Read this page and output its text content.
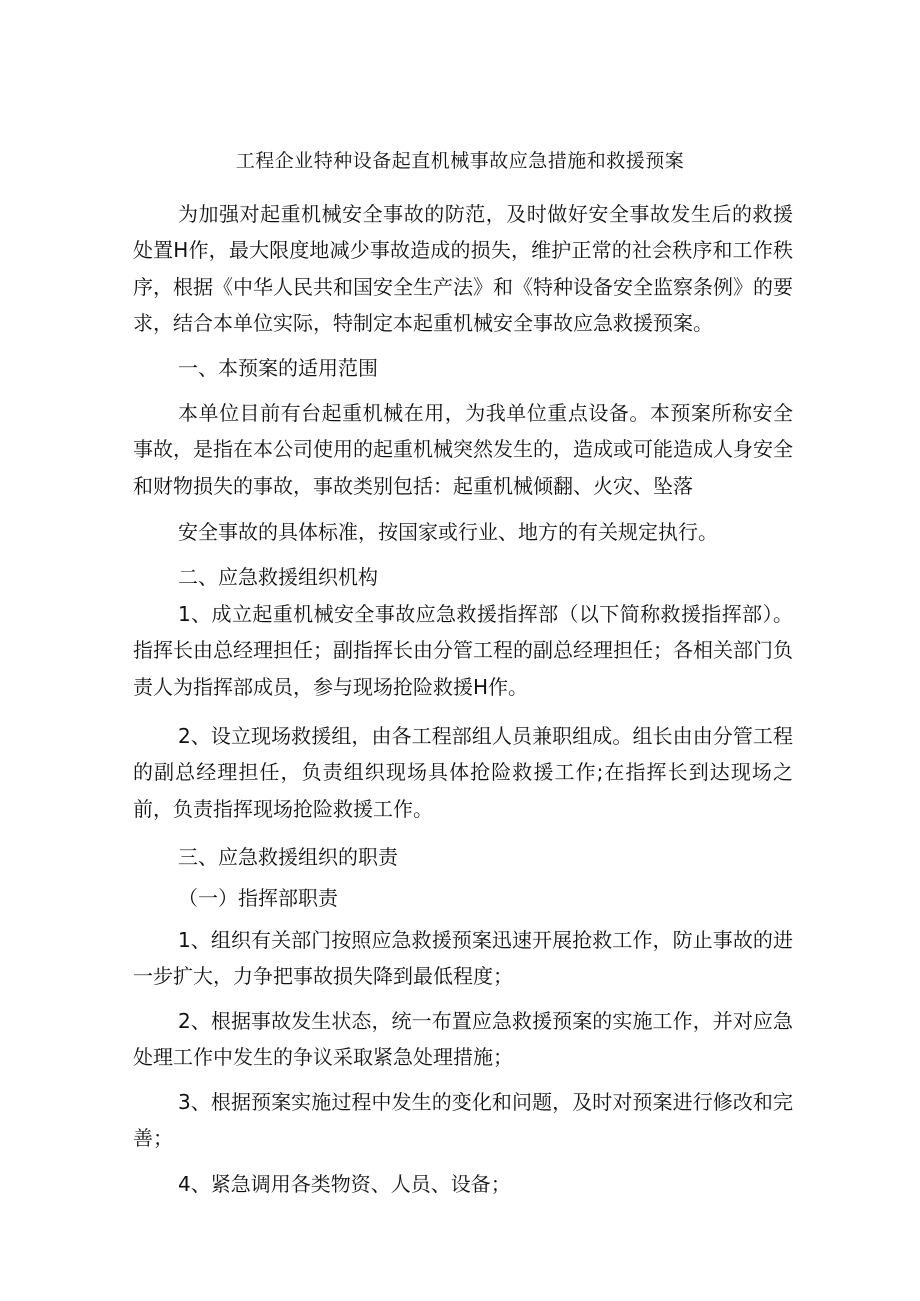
工程企业特种设备起直机械事故应急措施和救援预案

为加强对起重机械安全事故的防范，及时做好安全事故发生后的救援处置H作，最大限度地减少事故造成的损失，维护正常的社会秩序和工作秩序，根据《中华人民共和国安全生产法》和《特种设备安全监察条例》的要求，结合本单位实际，特制定本起重机械安全事故应急救援预案。

一、本预案的适用范围

本单位目前有台起重机械在用，为我单位重点设备。本预案所称安全事故，是指在本公司使用的起重机械突然发生的，造成或可能造成人身安全和财物损失的事故，事故类别包括：起重机械倾翻、火灾、坠落

安全事故的具体标准，按国家或行业、地方的有关规定执行。
二、应急救援组织机构

1、成立起重机械安全事故应急救援指挥部（以下简称救援指挥部）。指挥长由总经理担任；副指挥长由分管工程的副总经理担任；各相关部门负责人为指挥部成员，参与现场抢险救援H作。

2、设立现场救援组，由各工程部组人员兼职组成。组长由由分管工程的副总经理担任，负责组织现场具体抢险救援工作;在指挥长到达现场之前，负责指挥现场抢险救援工作。

三、应急救援组织的职责
（一）指挥部职责

1、组织有关部门按照应急救援预案迅速开展抢救工作，防止事故的进一步扩大，力争把事故损失降到最低程度；

2、根据事故发生状态，统一布置应急救援预案的实施工作，并对应急处理工作中发生的争议采取紧急处理措施；

3、根据预案实施过程中发生的变化和问题，及时对预案进行修改和完善；

4、紧急调用各类物资、人员、设备；
